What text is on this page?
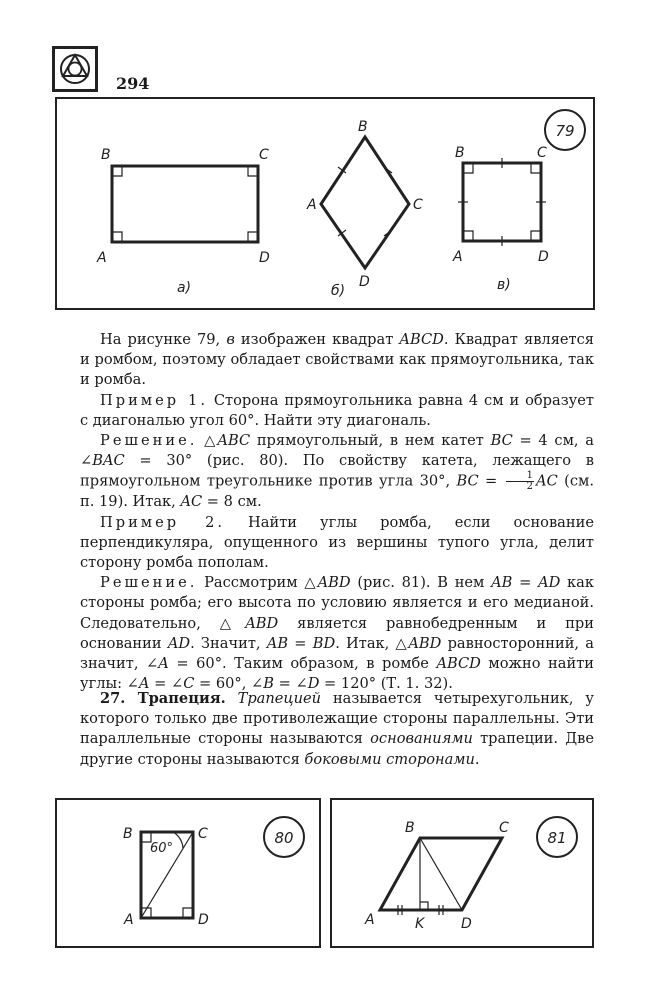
294
79
B	C
A	D
а)
B
A	C
D
б)
B	C
A	D
в)

На рисунке 79, в изображен квадрат ABCD. Квадрат является и ромбом, поэтому обладает свойствами как прямоугольника, так и ромба.

Пример 1. Сторона прямоугольника равна 4 см и образует с диагональю угол 60°. Найти эту диагональ.

Решение. △ABC прямоугольный, в нем катет BC = 4 см, а ∠BAC = 30° (рис. 80). По свойству катета, лежащего в прямоугольном треугольнике против угла 30°, BC = $\frac{1}{2}$ AC (см. п. 19). Итак, AC = 8 см.

Пример 2. Найти углы ромба, если основание перпендикуляра, опущенного из вершины тупого угла, делит сторону ромба пополам.

Решение. Рассмотрим △ABD (рис. 81). В нем AB = AD как стороны ромба; его высота по условию является и его медианой. Следовательно, △ABD является равнобедренным и при основании AD. Значит, AB = BD. Итак, △ABD равносторонний, а значит, ∠A = 60°. Таким образом, в ромбе ABCD можно найти углы: ∠A = ∠C = 60°, ∠B = ∠D = 120° (Т. 1. 32).

27. Трапеция. Трапецией называется четырехугольник, у которого только две противолежащие стороны параллельны. Эти параллельные стороны называются основаниями трапеции. Две другие стороны называются боковыми сторонами.

80
60°
B	C
A	D
81
B	C
A	K	D
